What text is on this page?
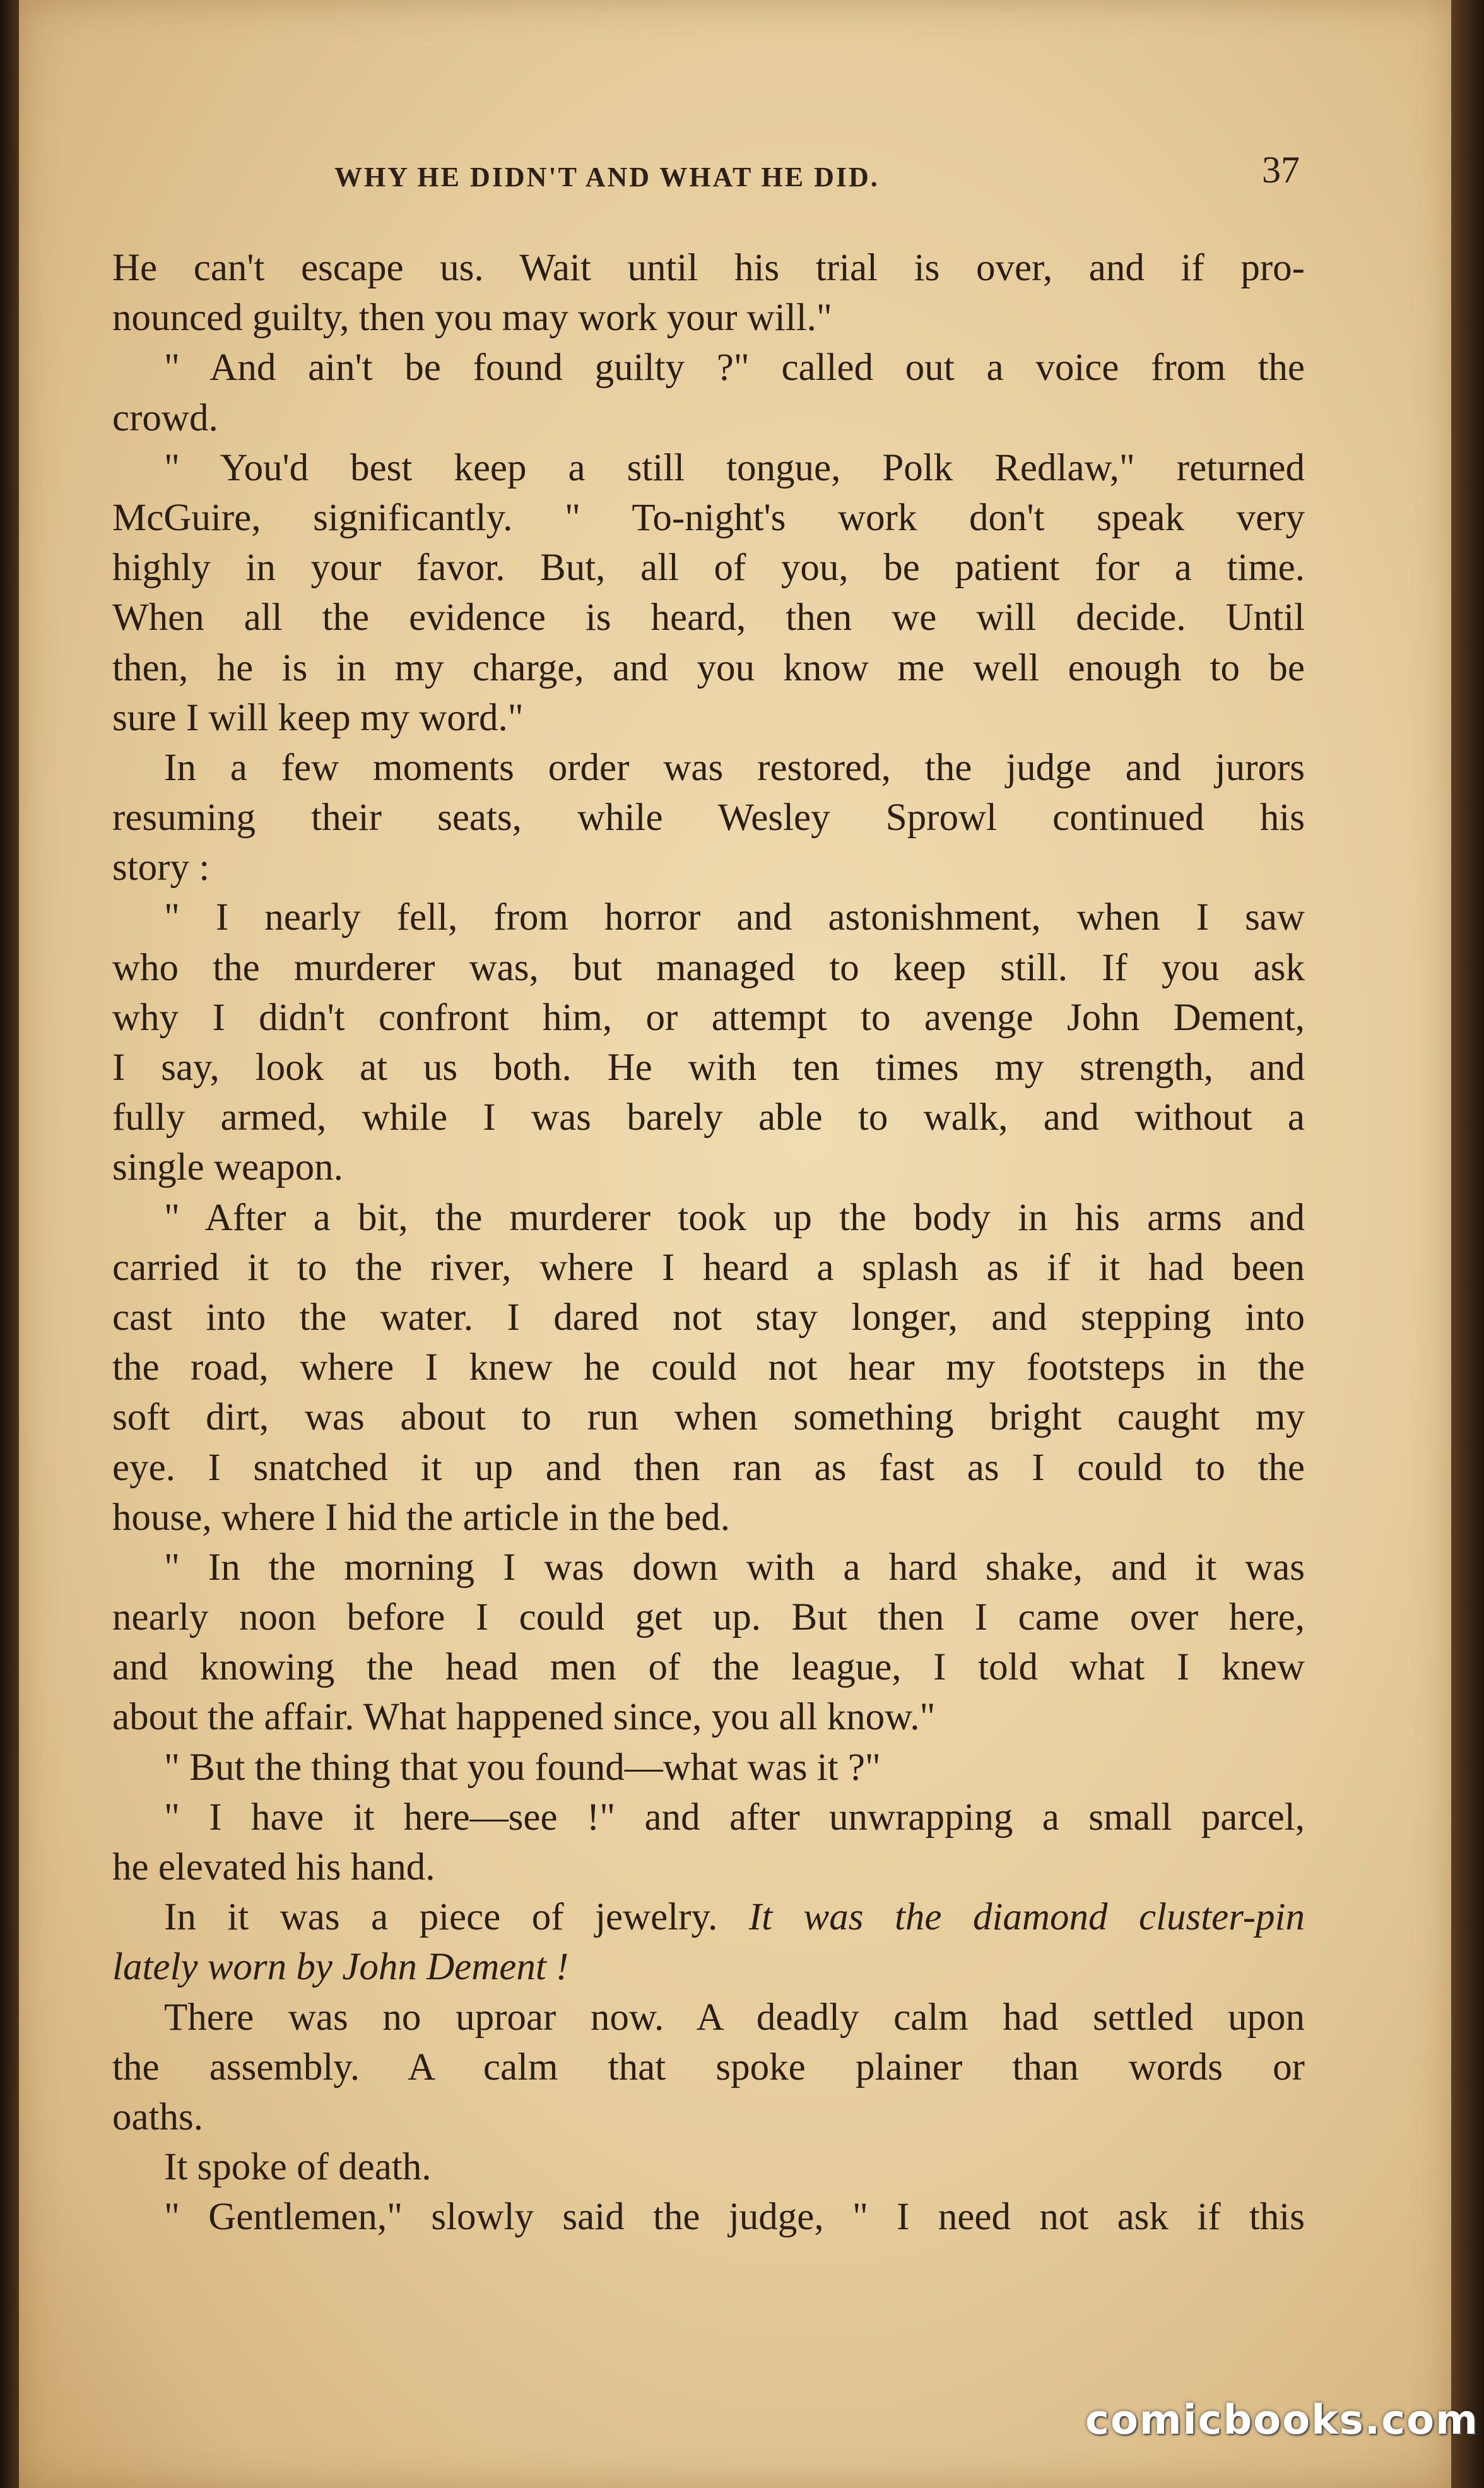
WHY HE DIDN'T AND WHAT HE DID.	37
He can't escape us. Wait until his trial is over, and if pro-
nounced guilty, then you may work your will."
" And ain't be found guilty ?" called out a voice from the
crowd.
" You'd best keep a still tongue, Polk Redlaw," returned
McGuire, significantly. " To-night's work don't speak very
highly in your favor. But, all of you, be patient for a time.
When all the evidence is heard, then we will decide. Until
then, he is in my charge, and you know me well enough to be
sure I will keep my word."
In a few moments order was restored, the judge and jurors
resuming their seats, while Wesley Sprowl continued his
story :
" I nearly fell, from horror and astonishment, when I saw
who the murderer was, but managed to keep still. If you ask
why I didn't confront him, or attempt to avenge John Dement,
I say, look at us both. He with ten times my strength, and
fully armed, while I was barely able to walk, and without a
single weapon.
" After a bit, the murderer took up the body in his arms and
carried it to the river, where I heard a splash as if it had been
cast into the water. I dared not stay longer, and stepping into
the road, where I knew he could not hear my footsteps in the
soft dirt, was about to run when something bright caught my
eye. I snatched it up and then ran as fast as I could to the
house, where I hid the article in the bed.
" In the morning I was down with a hard shake, and it was
nearly noon before I could get up. But then I came over here,
and knowing the head men of the league, I told what I knew
about the affair. What happened since, you all know."
" But the thing that you found—what was it ?"
" I have it here—see !" and after unwrapping a small parcel,
he elevated his hand.
In it was a piece of jewelry. It was the diamond cluster-pin
lately worn by John Dement !
There was no uproar now. A deadly calm had settled upon
the assembly. A calm that spoke plainer than words or
oaths.
It spoke of death.
" Gentlemen," slowly said the judge, " I need not ask if this
comicbooks.com
